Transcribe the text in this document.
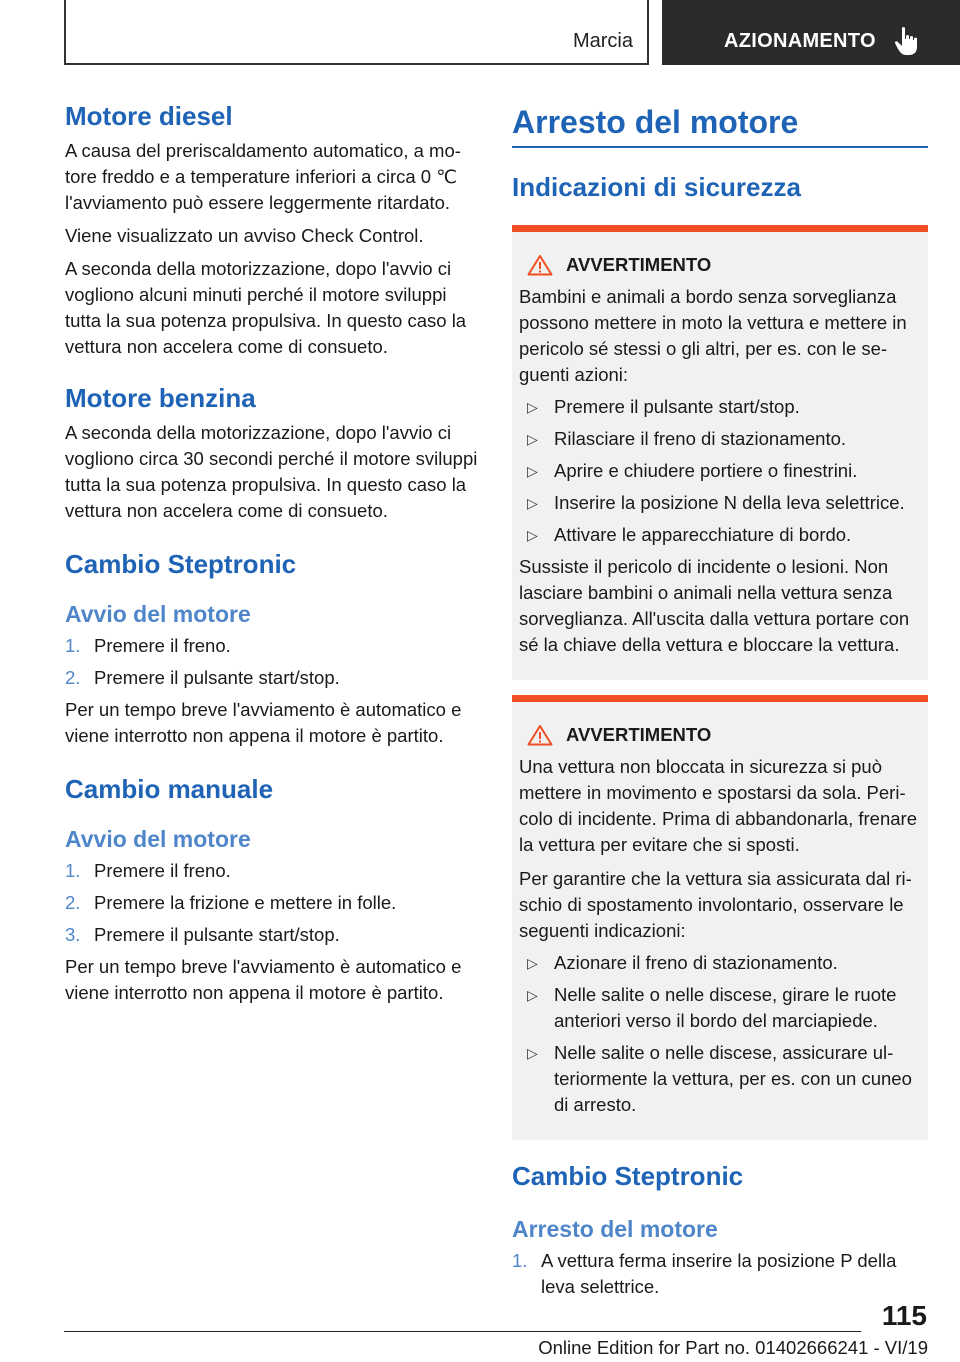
Marcia	AZIONAMENTO
Motore diesel

A causa del preriscaldamento automatico, a motore freddo e a temperature inferiori a circa 0 ℃ l'avviamento può essere leggermente ritardato.

Viene visualizzato un avviso Check Control.

A seconda della motorizzazione, dopo l'avvio ci vogliono alcuni minuti perché il motore sviluppi tutta la sua potenza propulsiva. In questo caso la vettura non accelera come di consueto.

Motore benzina

A seconda della motorizzazione, dopo l'avvio ci vogliono circa 30 secondi perché il motore sviluppi tutta la sua potenza propulsiva. In questo caso la vettura non accelera come di consueto.

Cambio Steptronic
Avvio del motore
1. Premere il freno.
2. Premere il pulsante start/stop.

Per un tempo breve l'avviamento è automatico e viene interrotto non appena il motore è partito.

Cambio manuale
Avvio del motore
1. Premere il freno.
2. Premere la frizione e mettere in folle.
3. Premere il pulsante start/stop.

Per un tempo breve l'avviamento è automatico e viene interrotto non appena il motore è partito.

Arresto del motore
Indicazioni di sicurezza
AVVERTIMENTO

Bambini e animali a bordo senza sorveglianza possono mettere in moto la vettura e mettere in pericolo sé stessi o gli altri, per es. con le seguenti azioni:

▷ Premere il pulsante start/stop.
▷ Rilasciare il freno di stazionamento.
▷ Aprire e chiudere portiere o finestrini.
▷ Inserire la posizione N della leva selettrice.
▷ Attivare le apparecchiature di bordo.

Sussiste il pericolo di incidente o lesioni. Non lasciare bambini o animali nella vettura senza sorveglianza. All'uscita dalla vettura portare con sé la chiave della vettura e bloccare la vettura.

AVVERTIMENTO

Una vettura non bloccata in sicurezza si può mettere in movimento e spostarsi da sola. Pericolo di incidente. Prima di abbandonarla, frenare la vettura per evitare che si sposti.

Per garantire che la vettura sia assicurata dal rischio di spostamento involontario, osservare le seguenti indicazioni:

▷ Azionare il freno di stazionamento.
▷ Nelle salite o nelle discese, girare le ruote anteriori verso il bordo del marciapiede.
▷ Nelle salite o nelle discese, assicurare ulteriormente la vettura, per es. con un cuneo di arresto.
Cambio Steptronic
Arresto del motore
1. A vettura ferma inserire la posizione P della leva selettrice.
115
Online Edition for Part no. 01402666241 - VI/19
